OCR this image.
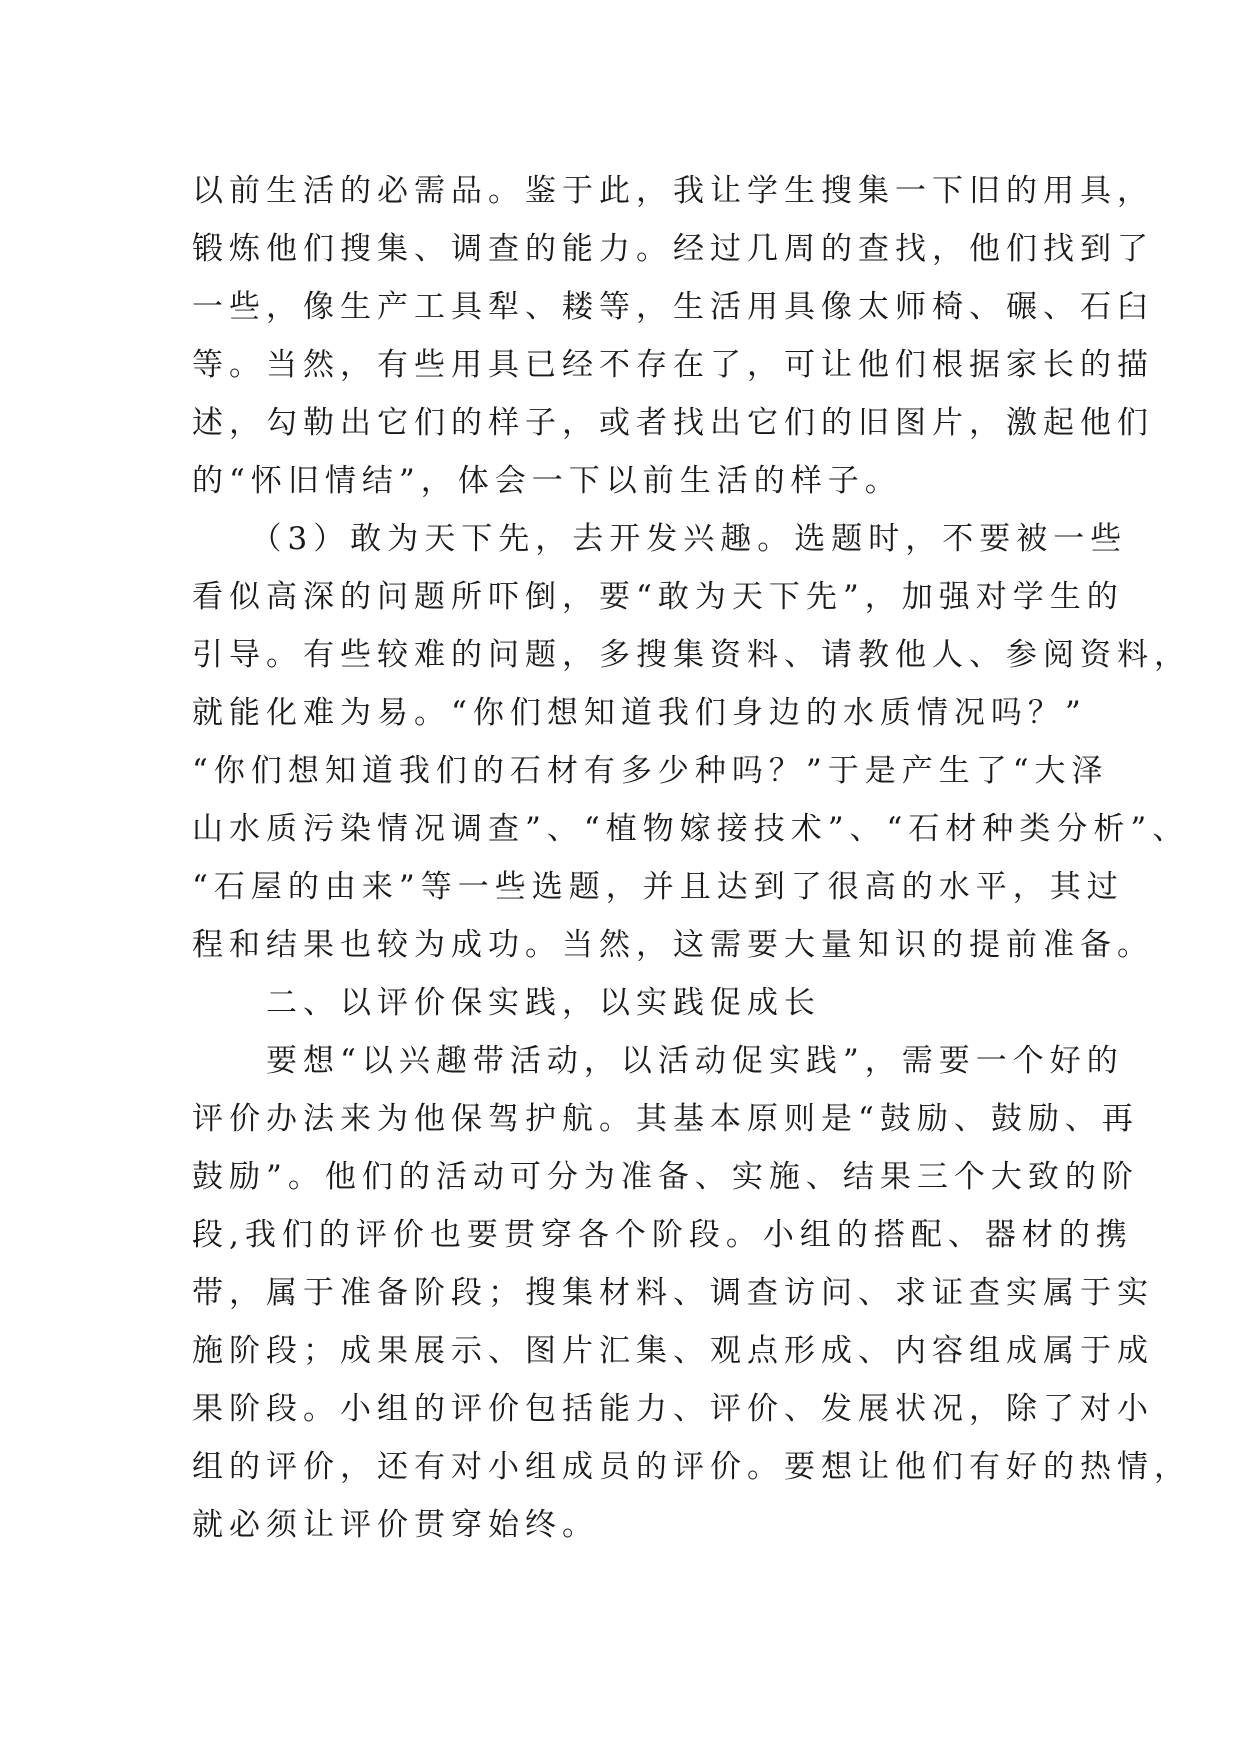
以前生活的必需品。鉴于此，我让学生搜集一下旧的用具，
锻炼他们搜集、调查的能力。经过几周的查找，他们找到了
一些，像生产工具犁、耧等，生活用具像太师椅、碾、石臼
等。当然，有些用具已经不存在了，可让他们根据家长的描
述，勾勒出它们的样子，或者找出它们的旧图片，激起他们
的“怀旧情结”，体会一下以前生活的样子。
　　（3）敢为天下先，去开发兴趣。选题时，不要被一些
看似高深的问题所吓倒，要“敢为天下先”，加强对学生的
引导。有些较难的问题，多搜集资料、请教他人、参阅资料，
就能化难为易。“你们想知道我们身边的水质情况吗？”
“你们想知道我们的石材有多少种吗？”于是产生了“大泽
山水质污染情况调查”、“植物嫁接技术”、“石材种类分析”、
“石屋的由来”等一些选题，并且达到了很高的水平，其过
程和结果也较为成功。当然，这需要大量知识的提前准备。
　　二、以评价保实践，以实践促成长
　　要想“以兴趣带活动，以活动促实践”，需要一个好的
评价办法来为他保驾护航。其基本原则是“鼓励、鼓励、再
鼓励”。他们的活动可分为准备、实施、结果三个大致的阶
段,我们的评价也要贯穿各个阶段。小组的搭配、器材的携
带，属于准备阶段；搜集材料、调查访问、求证查实属于实
施阶段；成果展示、图片汇集、观点形成、内容组成属于成
果阶段。小组的评价包括能力、评价、发展状况，除了对小
组的评价，还有对小组成员的评价。要想让他们有好的热情，
就必须让评价贯穿始终。
